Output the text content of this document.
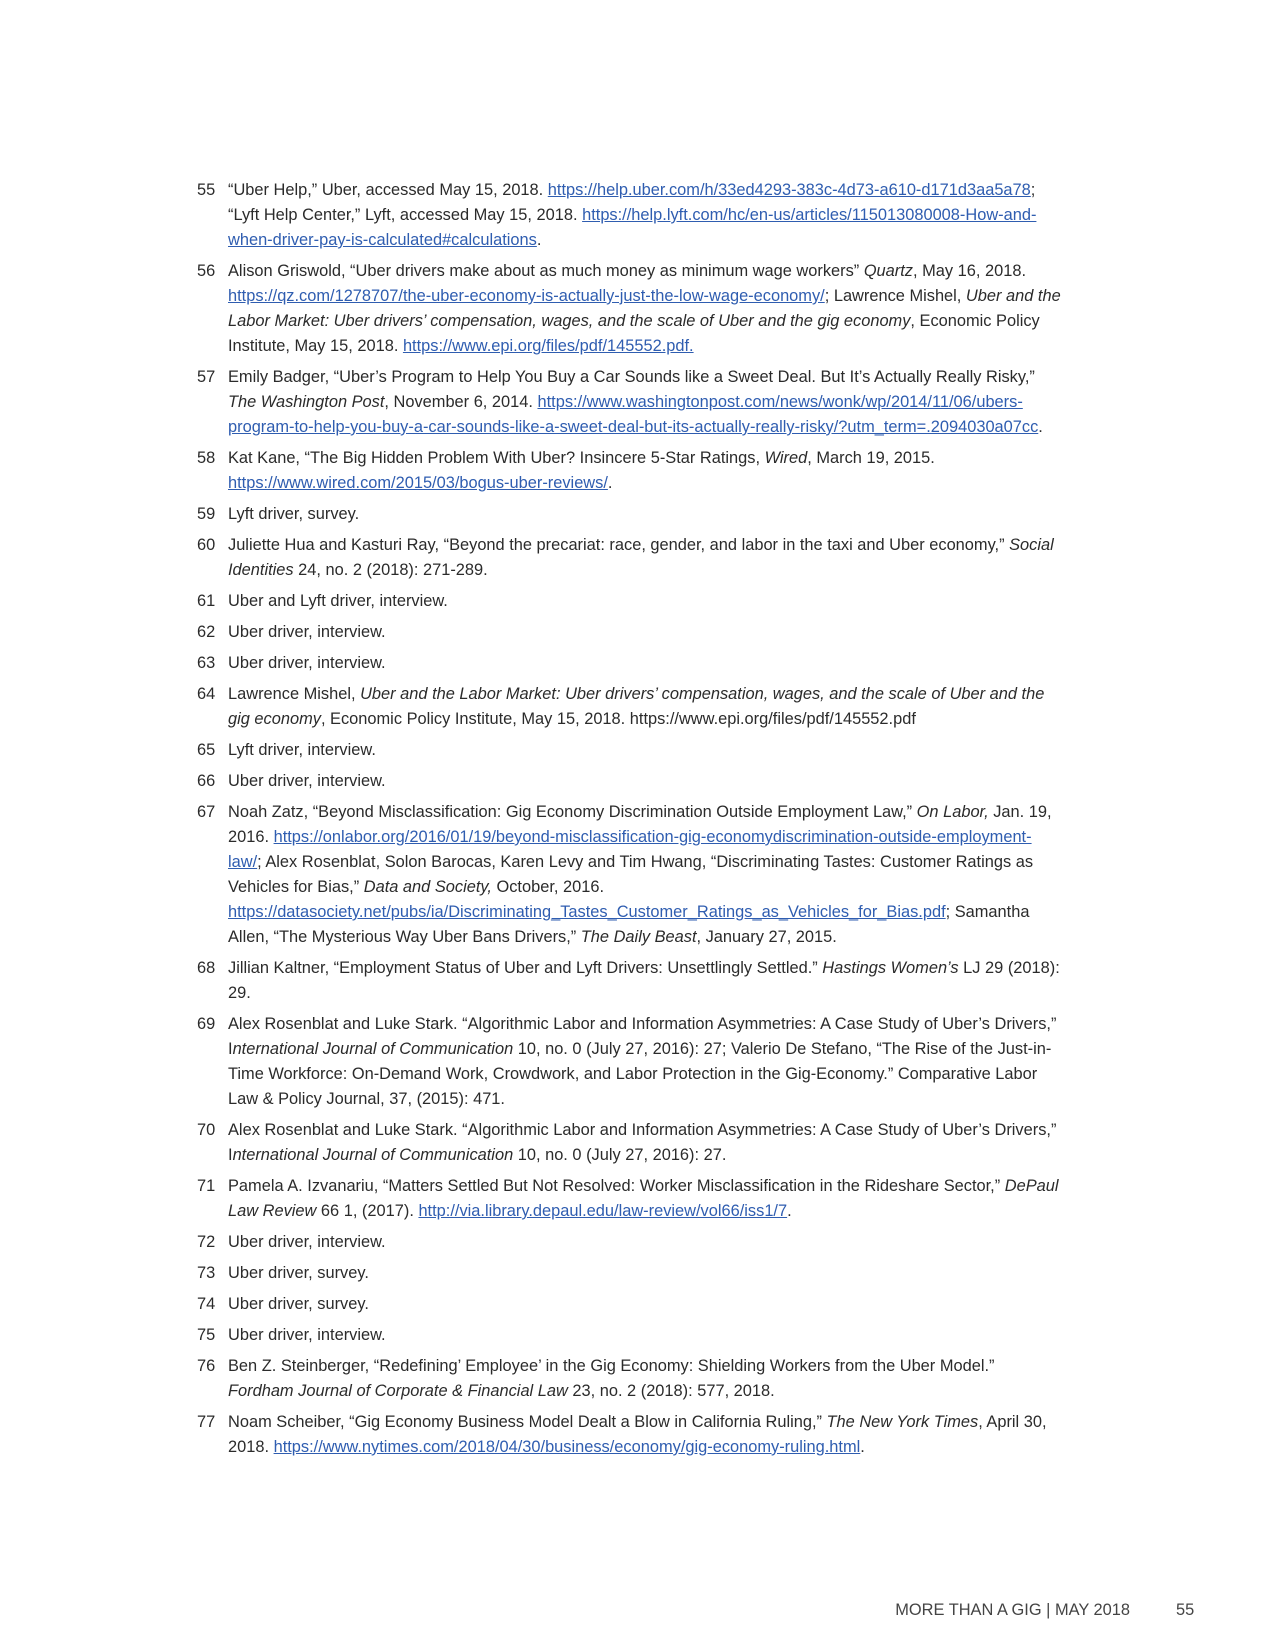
55 “Uber Help,” Uber, accessed May 15, 2018. https://help.uber.com/h/33ed4293-383c-4d73-a610-d171d3aa5a78; “Lyft Help Center,” Lyft, accessed May 15, 2018. https://help.lyft.com/hc/en-us/articles/115013080008-How-and-when-driver-pay-is-calculated#calculations.
56 Alison Griswold, “Uber drivers make about as much money as minimum wage workers” Quartz, May 16, 2018. https://qz.com/1278707/the-uber-economy-is-actually-just-the-low-wage-economy/; Lawrence Mishel, Uber and the Labor Market: Uber drivers’ compensation, wages, and the scale of Uber and the gig economy, Economic Policy Institute, May 15, 2018. https://www.epi.org/files/pdf/145552.pdf.
57 Emily Badger, “Uber’s Program to Help You Buy a Car Sounds like a Sweet Deal. But It’s Actually Really Risky,” The Washington Post, November 6, 2014. https://www.washingtonpost.com/news/wonk/wp/2014/11/06/ubers-program-to-help-you-buy-a-car-sounds-like-a-sweet-deal-but-its-actually-really-risky/?utm_term=.2094030a07cc.
58 Kat Kane, “The Big Hidden Problem With Uber? Insincere 5-Star Ratings, Wired, March 19, 2015. https://www.wired.com/2015/03/bogus-uber-reviews/.
59 Lyft driver, survey.
60 Juliette Hua and Kasturi Ray, “Beyond the precariat: race, gender, and labor in the taxi and Uber economy,” Social Identities 24, no. 2 (2018): 271-289.
61 Uber and Lyft driver, interview.
62 Uber driver, interview.
63 Uber driver, interview.
64 Lawrence Mishel, Uber and the Labor Market: Uber drivers’ compensation, wages, and the scale of Uber and the gig economy, Economic Policy Institute, May 15, 2018. https://www.epi.org/files/pdf/145552.pdf
65 Lyft driver, interview.
66 Uber driver, interview.
67 Noah Zatz, “Beyond Misclassification: Gig Economy Discrimination Outside Employment Law,” On Labor, Jan. 19, 2016. https://onlabor.org/2016/01/19/beyond-misclassification-gig-economydiscrimination-outside-employment-law/; Alex Rosenblat, Solon Barocas, Karen Levy and Tim Hwang, “Discriminating Tastes: Customer Ratings as Vehicles for Bias,” Data and Society, October, 2016. https://datasociety.net/pubs/ia/Discriminating_Tastes_Customer_Ratings_as_Vehicles_for_Bias.pdf; Samantha Allen, “The Mysterious Way Uber Bans Drivers,” The Daily Beast, January 27, 2015.
68 Jillian Kaltner, “Employment Status of Uber and Lyft Drivers: Unsettlingly Settled.” Hastings Women’s LJ 29 (2018): 29.
69 Alex Rosenblat and Luke Stark. “Algorithmic Labor and Information Asymmetries: A Case Study of Uber’s Drivers,” International Journal of Communication 10, no. 0 (July 27, 2016): 27; Valerio De Stefano, “The Rise of the Just-in-Time Workforce: On-Demand Work, Crowdwork, and Labor Protection in the Gig-Economy.” Comparative Labor Law & Policy Journal, 37, (2015): 471.
70 Alex Rosenblat and Luke Stark. “Algorithmic Labor and Information Asymmetries: A Case Study of Uber’s Drivers,” International Journal of Communication 10, no. 0 (July 27, 2016): 27.
71 Pamela A. Izvanariu, “Matters Settled But Not Resolved: Worker Misclassification in the Rideshare Sector,” DePaul Law Review 66 1, (2017). http://via.library.depaul.edu/law-review/vol66/iss1/7.
72 Uber driver, interview.
73 Uber driver, survey.
74 Uber driver, survey.
75 Uber driver, interview.
76 Ben Z. Steinberger, “Redefining’ Employee’ in the Gig Economy: Shielding Workers from the Uber Model.” Fordham Journal of Corporate & Financial Law 23, no. 2 (2018): 577, 2018.
77 Noam Scheiber, “Gig Economy Business Model Dealt a Blow in California Ruling,” The New York Times, April 30, 2018. https://www.nytimes.com/2018/04/30/business/economy/gig-economy-ruling.html.
MORE THAN A GIG | MAY 2018	55
